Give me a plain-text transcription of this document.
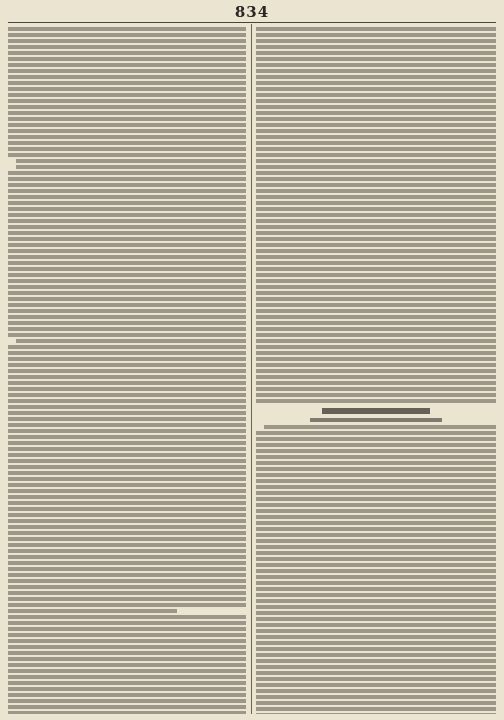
834
